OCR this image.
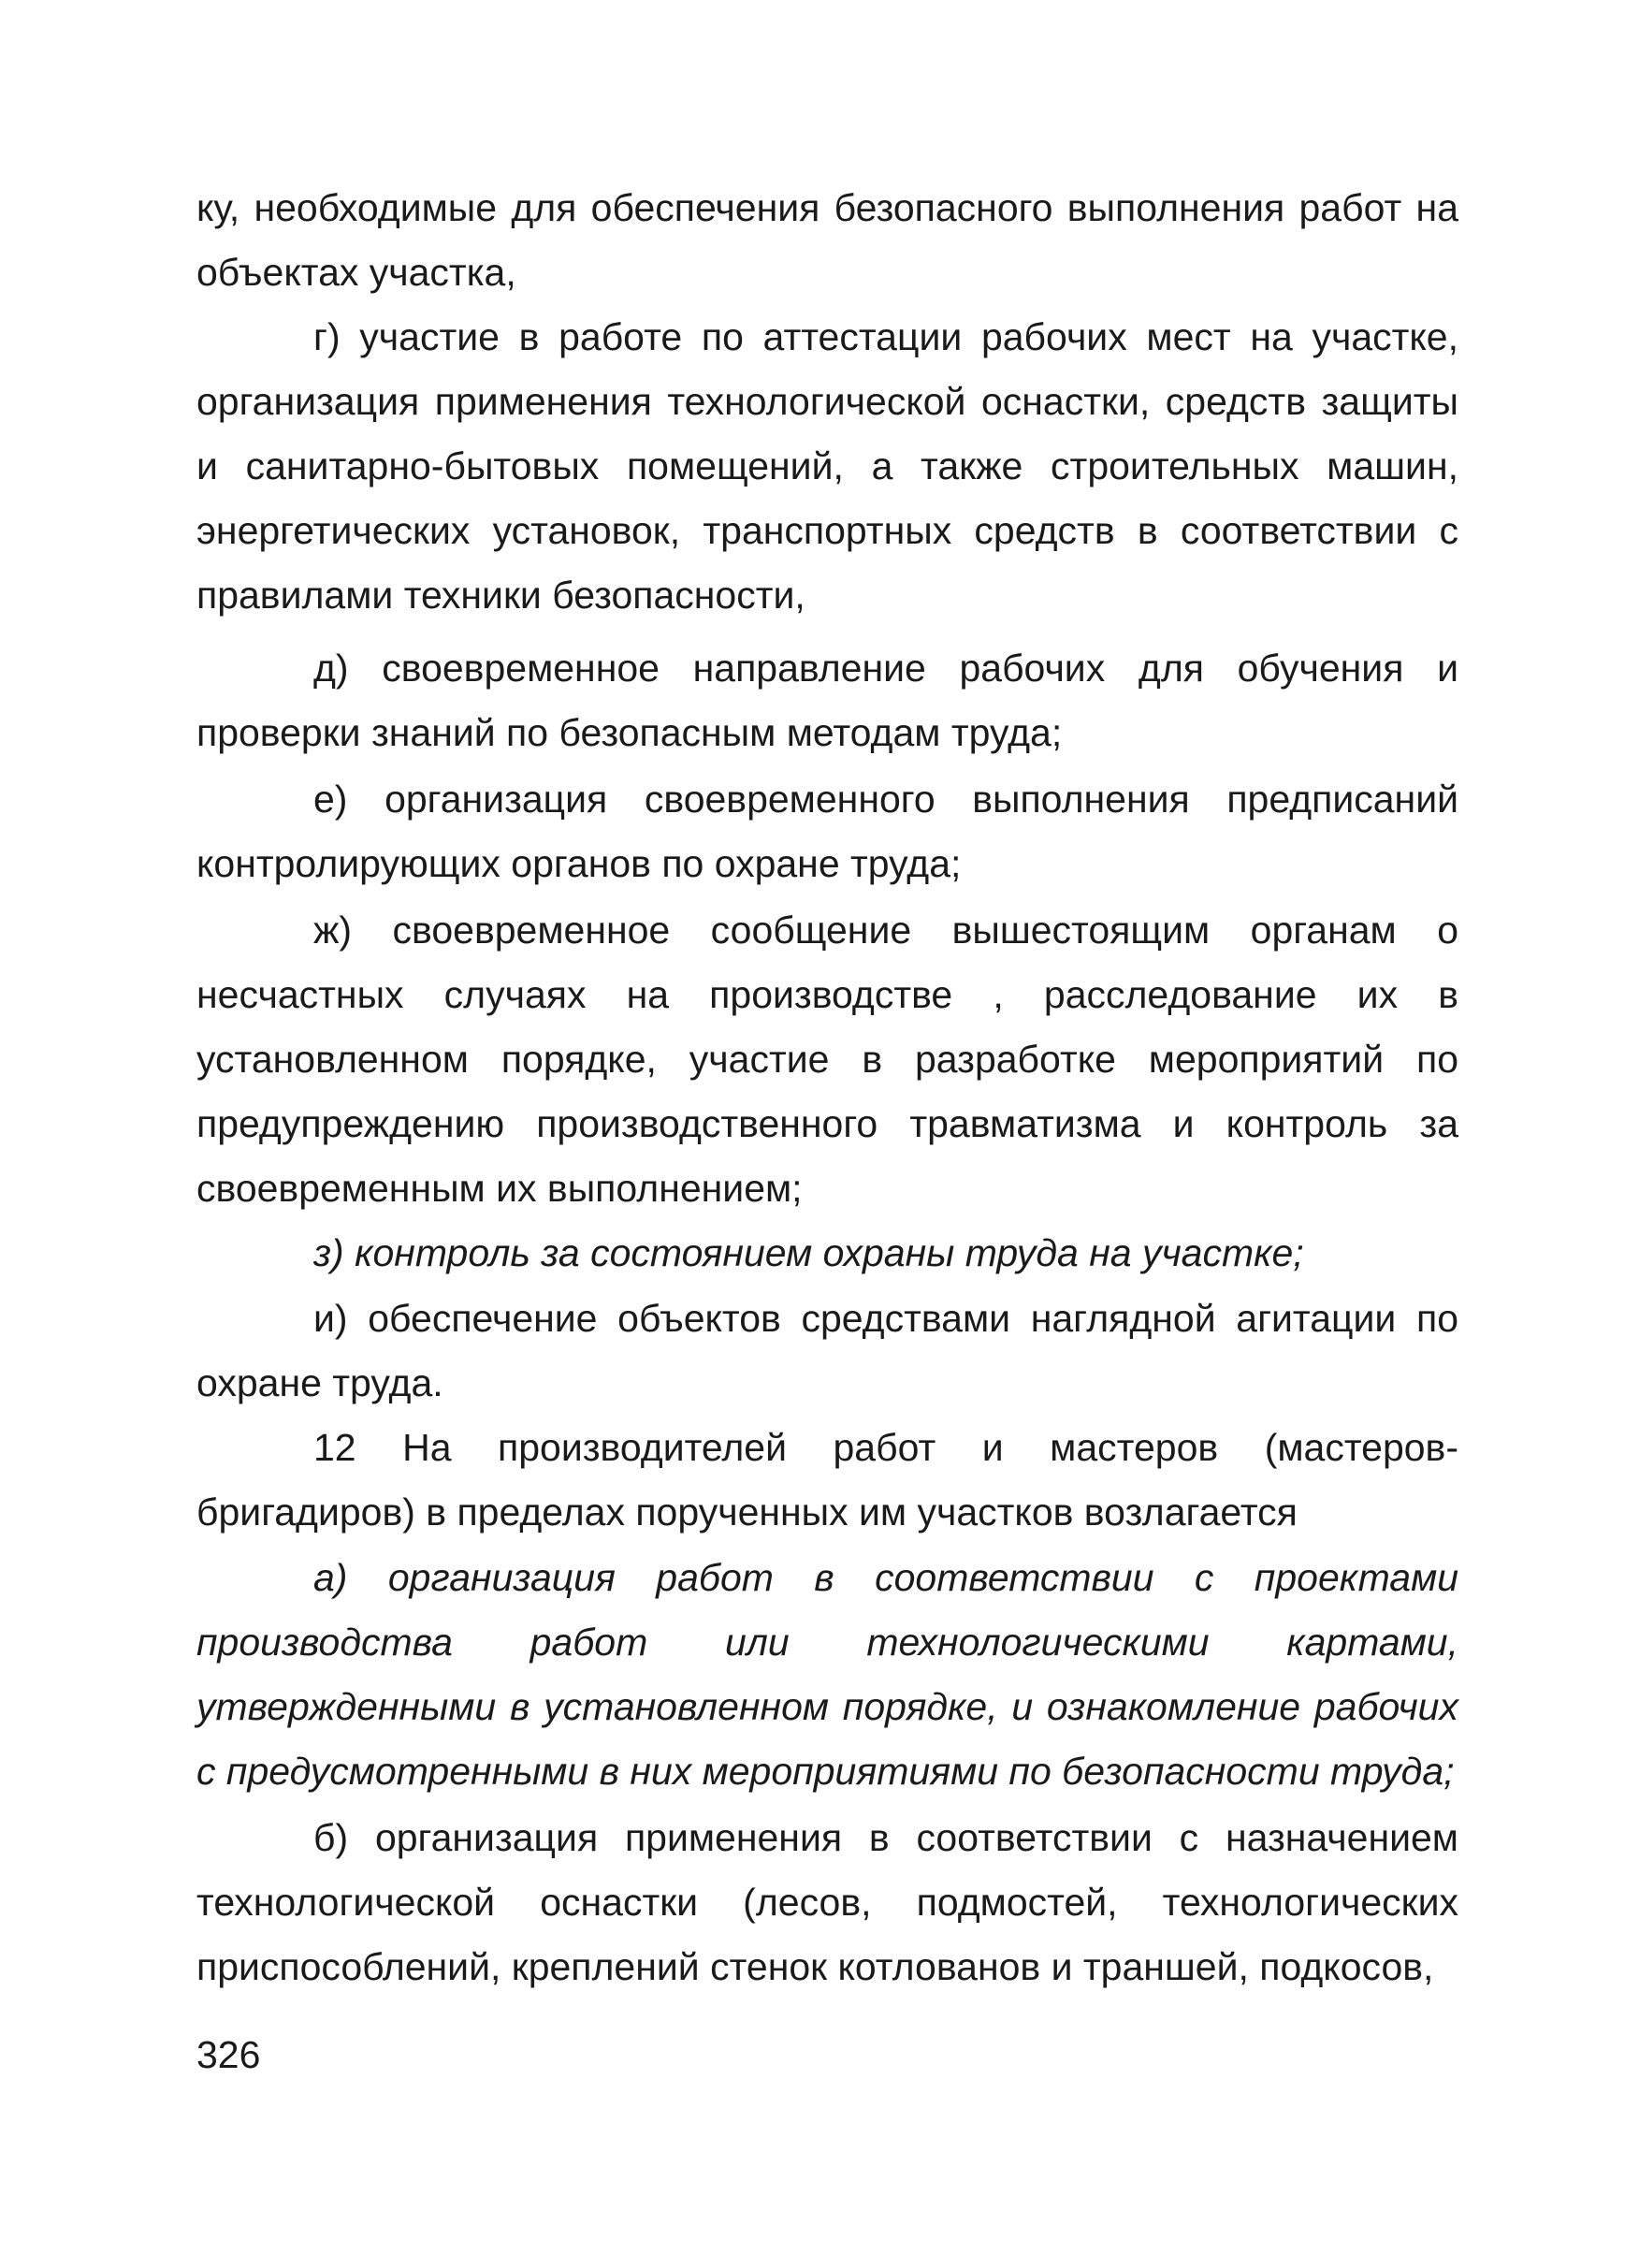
ку, необходимые для обеспечения безопасного выполнения работ на объектах участка,

г) участие в работе по аттестации рабочих мест на участке, организация применения технологической оснастки, средств защиты и санитарно-бытовых помещений, а также строительных машин, энергетических установок, транспортных средств в соответствии с правилами техники безопасности,

д) своевременное направление рабочих для обучения и проверки знаний по безопасным методам труда;

е) организация своевременного выполнения предписаний контролирующих органов по охране труда;

ж) своевременное сообщение вышестоящим органам о несчастных случаях на производстве , расследование их в установленном порядке, участие в разработке мероприятий по предупреждению производственного травматизма и контроль за своевременным их выполнением;

з) контроль за состоянием охраны труда на участке;

и) обеспечение объектов средствами наглядной агитации по охране труда.

12 На производителей работ и мастеров (мастеров-бригадиров) в пределах порученных им участков возлагается

а) организация работ в соответствии с проектами производства работ или технологическими картами, утвержденными в установленном порядке, и ознакомление рабочих с предусмотренными в них мероприятиями по безопасности труда;

б) организация применения в соответствии с назначением технологической оснастки (лесов, подмостей, технологических приспособлений, креплений стенок котлованов и траншей, подкосов,

326
